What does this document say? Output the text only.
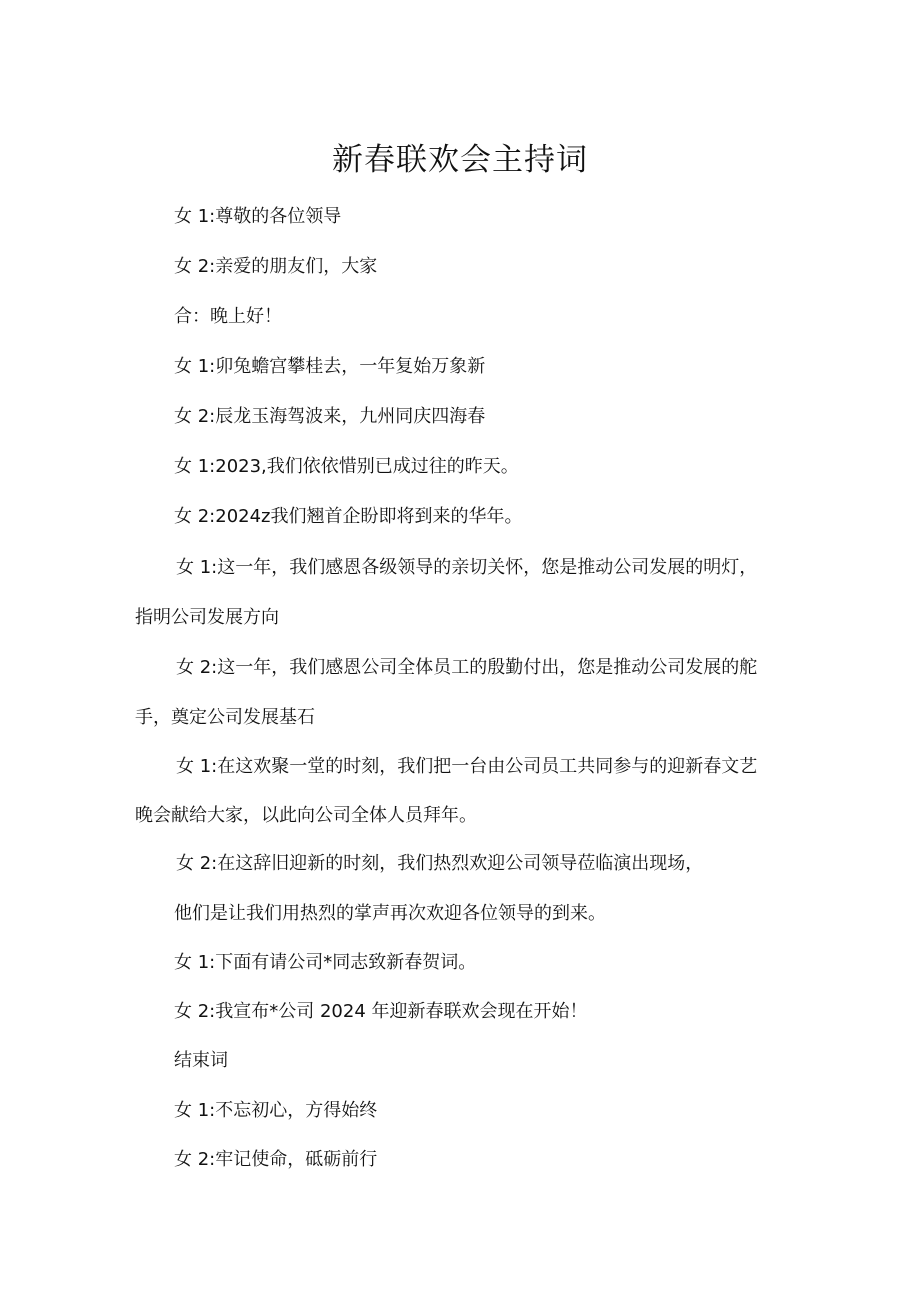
新春联欢会主持词
女 1:尊敬的各位领导
女 2:亲爱的朋友们，大家
合：晚上好！
女 1:卯兔蟾宫攀桂去，一年复始万象新
女 2:辰龙玉海驾波来，九州同庆四海春
女 1:2023,我们依依惜别已成过往的昨天。
女 2:2024z我们翘首企盼即将到来的华年。
女 1:这一年，我们感恩各级领导的亲切关怀，您是推动公司发展的明灯，
指明公司发展方向
女 2:这一年，我们感恩公司全体员工的殷勤付出，您是推动公司发展的舵
手，奠定公司发展基石
女 1:在这欢聚一堂的时刻，我们把一台由公司员工共同参与的迎新春文艺
晚会献给大家，以此向公司全体人员拜年。
女 2:在这辞旧迎新的时刻，我们热烈欢迎公司领导莅临演出现场，
他们是让我们用热烈的掌声再次欢迎各位领导的到来。
女 1:下面有请公司*同志致新春贺词。
女 2:我宣布*公司 2024 年迎新春联欢会现在开始！
结束词
女 1:不忘初心，方得始终
女 2:牢记使命，砥砺前行
